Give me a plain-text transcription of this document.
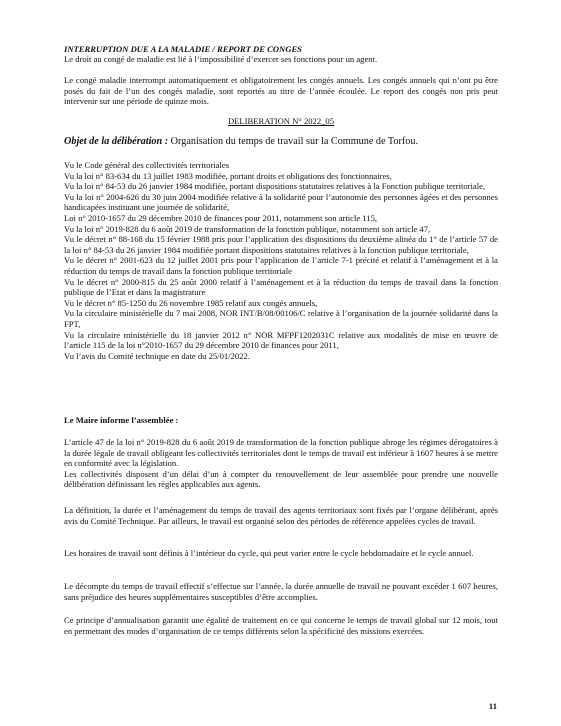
INTERRUPTION DUE A LA MALADIE / REPORT DE CONGES
Le droit au congé de maladie est lié à l’impossibilité d’exercer ses fonctions pour un agent.
Le congé maladie interrompt automatiquement et obligatoirement les congés annuels. Les congés annuels qui n’ont pu être posés du fait de l’un des congés maladie, sont reportés au titre de l’année écoulée. Le report des congés non pris peut intervenir sur une période de quinze mois.
DELIBERATION N° 2022_05
Objet de la délibération : Organisation du temps de travail sur la Commune de Torfou.
Vu le Code général des collectivités territoriales
Vu la loi n° 83-634 du 13 juillet 1983 modifiée, portant droits et obligations des fonctionnaires,
Vu la loi n° 84-53 du 26 janvier 1984 modifiée, portant dispositions statutaires relatives à la Fonction publique territoriale,
Vu la loi n° 2004-626 du 30 juin 2004 modifiée relative à la solidarité pour l’autonomie des personnes âgées et des personnes handicapées instituant une journée de solidarité,
Loi n° 2010-1657 du 29 décembre 2010 de finances pour 2011, notamment son article 115,
Vu la loi n° 2019-828 du 6 août 2019 de transformation de la fonction publique, notamment son article 47,
Vu le décret n° 88-168 du 15 février 1988 pris pour l’application des dispositions du deuxième alinéa du 1° de l’article 57 de la loi n° 84-53 du 26 janvier 1984 modifiée portant dispositions statutaires relatives à la fonction publique territoriale,
Vu le décret n° 2001-623 du 12 juillet 2001 pris pour l’application de l’article 7-1 précité et relatif à l’aménagement et à la réduction du temps de travail dans la fonction publique territoriale
Vu le décret n° 2000-815 du 25 août 2000 relatif à l’aménagement et à la réduction du temps de travail dans la fonction publique de l’Etat et dans la magistrature
Vu le décret n° 85-1250 du 26 novembre 1985 relatif aux congés annuels,
Vu la circulaire ministérielle du 7 mai 2008, NOR INT/B/08/00106/C relative à l’organisation de la journée solidarité dans la FPT,
Vu la circulaire ministérielle du 18 janvier 2012 n° NOR MFPF1202031C relative aux modalités de mise en œuvre de l’article 115 de la loi n°2010-1657 du 29 décembre 2010 de finances pour 2011,
Vu l’avis du Comité technique en date du 25/01/2022.
Le Maire informe l’assemblée :
L’article 47 de la loi n° 2019-828 du 6 août 2019 de transformation de la fonction publique abroge les régimes dérogatoires à la durée légale de travail obligeant les collectivités territoriales dont le temps de travail est inférieur à 1607 heures à se mettre en conformité avec la législation.
Les collectivités disposent d’un délai d’un à compter du renouvellement de leur assemblée pour prendre une nouvelle délibération définissant les règles applicables aux agents.
La définition, la durée et l’aménagement du temps de travail des agents territoriaux sont fixés par l’organe délibérant, après avis du Comité Technique. Par ailleurs, le travail est organisé selon des périodes de référence appelées cycles de travail.
Les horaires de travail sont définis à l’intérieur du cycle, qui peut varier entre le cycle hebdomadaire et le cycle annuel.
Le décompte du temps de travail effectif s’effectue sur l’année, la durée annuelle de travail ne pouvant excéder 1 607 heures, sans préjudice des heures supplémentaires susceptibles d’être accomplies.
Ce principe d’annualisation garantit une égalité de traitement en ce qui concerne le temps de travail global sur 12 mois, tout en permettant des modes d’organisation de ce temps différents selon la spécificité des missions exercées.
11
